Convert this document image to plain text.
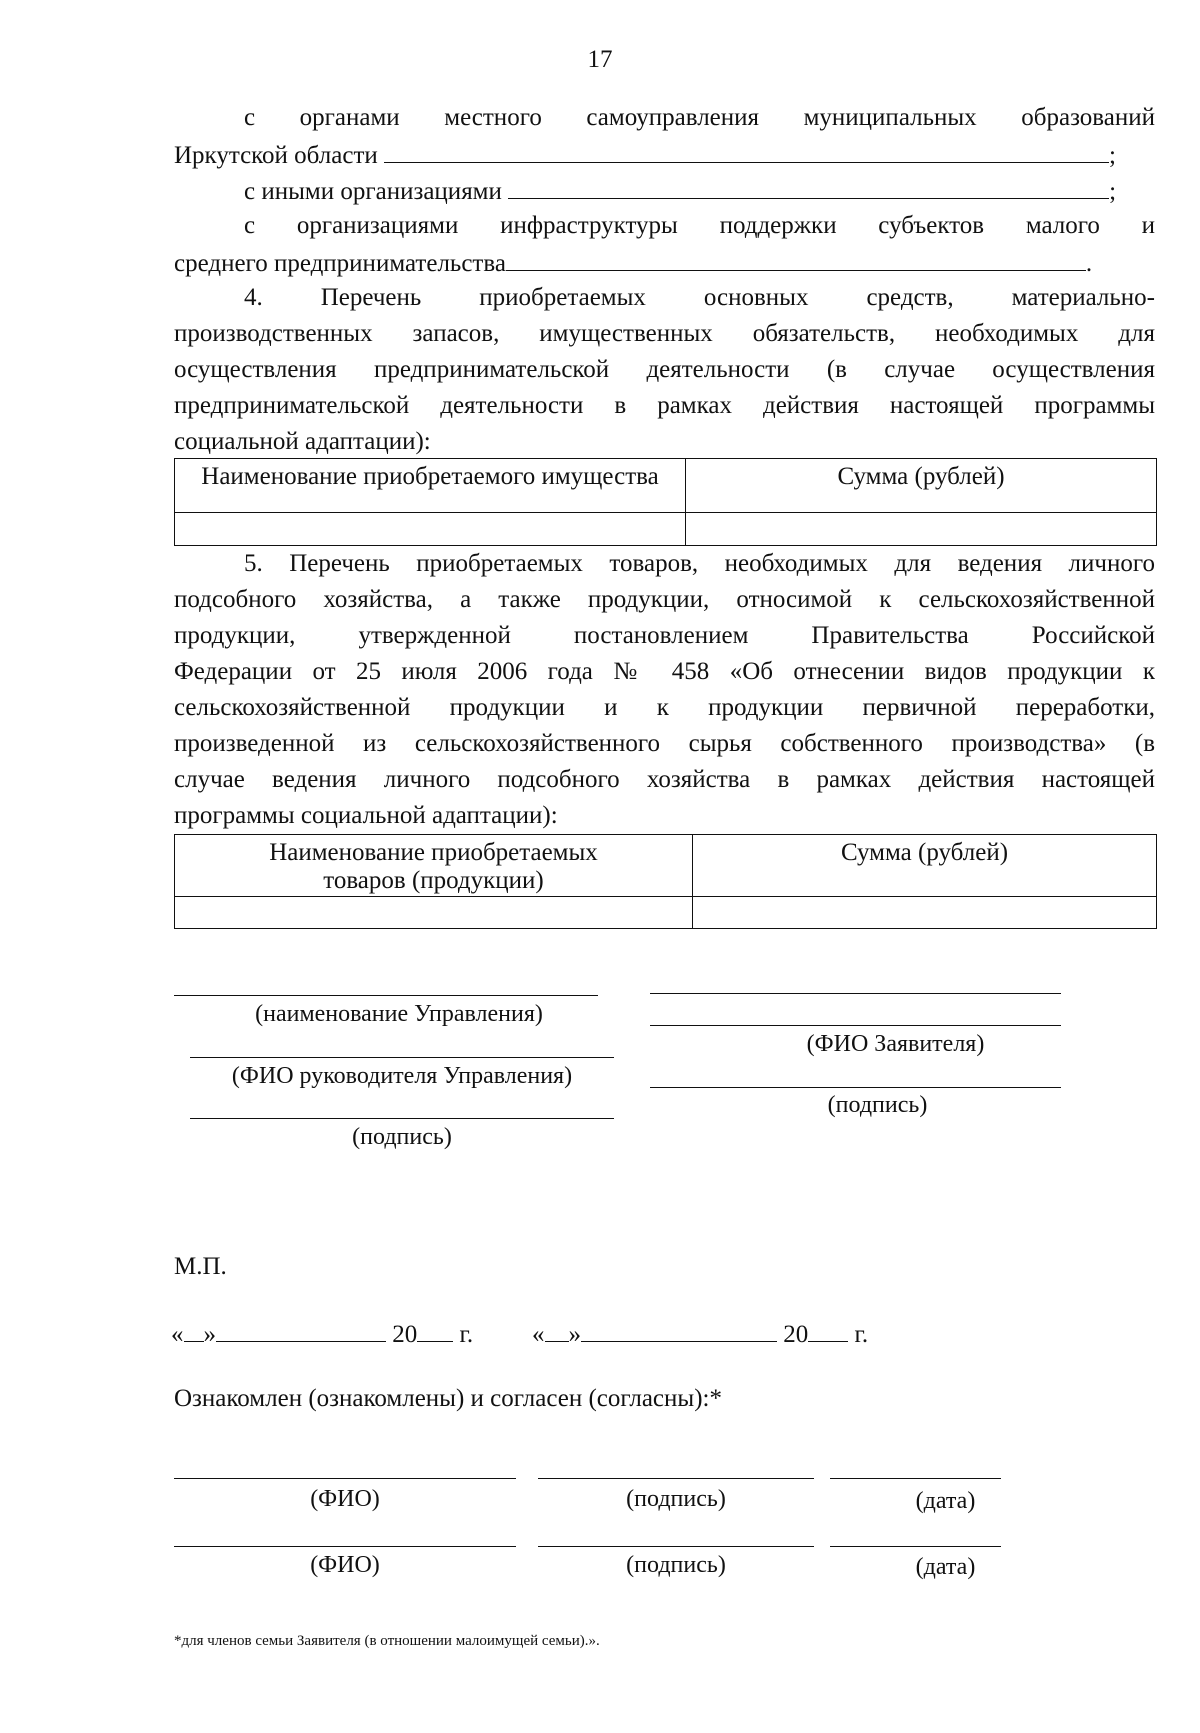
17
с органами местного самоуправления муниципальных образований
Иркутской области	;
с иными организациями	;
с организациями инфраструктуры поддержки субъектов малого и
среднего предпринимательства	.
4. Перечень приобретаемых основных средств, материально-
производственных запасов, имущественных обязательств, необходимых для
осуществления предпринимательской деятельности (в случае осуществления
предпринимательской деятельности в рамках действия настоящей программы
социальной адаптации):
Наименование приобретаемого имущества	Сумма (рублей)

5. Перечень приобретаемых товаров, необходимых для ведения личного
подсобного хозяйства, а также продукции, относимой к сельскохозяйственной
продукции, утвержденной постановлением Правительства Российской
Федерации от 25 июля 2006 года № 458 «Об отнесении видов продукции к
сельскохозяйственной продукции и к продукции первичной переработки,
произведенной из сельскохозяйственного сырья собственного производства» (в
случае ведения личного подсобного хозяйства в рамках действия настоящей
программы социальной адаптации):
Наименование приобретаемых
товаров (продукции)	Сумма (рублей)

(наименование Управления)
(ФИО руководителя Управления)
(подпись)
(ФИО Заявителя)
(подпись)
М.П.
« »	20 г. « »	20 г.
Ознакомлен (ознакомлены) и согласен (согласны):*
(ФИО)	(подпись)	(дата)
(ФИО)	(подпись)	(дата)
*для членов семьи Заявителя (в отношении малоимущей семьи).».
